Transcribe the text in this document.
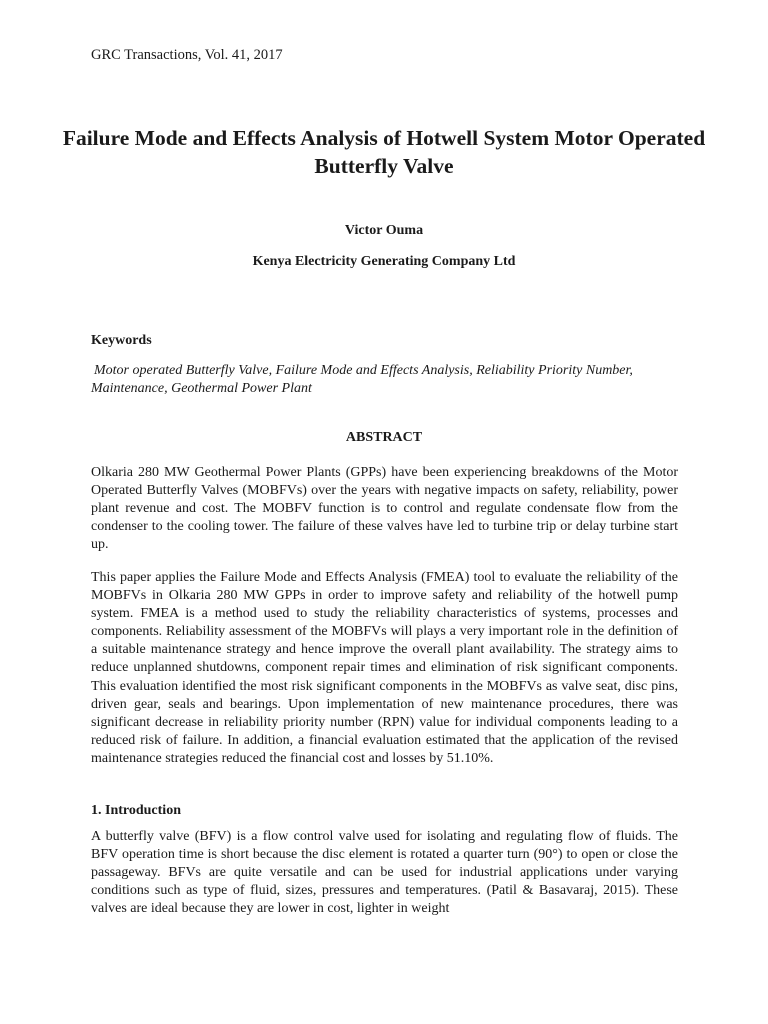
GRC Transactions, Vol. 41, 2017
Failure Mode and Effects Analysis of Hotwell System Motor Operated Butterfly Valve
Victor Ouma
Kenya Electricity Generating Company Ltd
Keywords
Motor operated Butterfly Valve, Failure Mode and Effects Analysis, Reliability Priority Number, Maintenance, Geothermal Power Plant
ABSTRACT
Olkaria 280 MW Geothermal Power Plants (GPPs) have been experiencing breakdowns of the Motor Operated Butterfly Valves (MOBFVs) over the years with negative impacts on safety, reliability, power plant revenue and cost. The MOBFV function is to control and regulate condensate flow from the condenser to the cooling tower. The failure of these valves have led to turbine trip or delay turbine start up.
This paper applies the Failure Mode and Effects Analysis (FMEA) tool to evaluate the reliability of the MOBFVs in Olkaria 280 MW GPPs in order to improve safety and reliability of the hotwell pump system. FMEA is a method used to study the reliability characteristics of systems, processes and components. Reliability assessment of the MOBFVs will plays a very important role in the definition of a suitable maintenance strategy and hence improve the overall plant availability. The strategy aims to reduce unplanned shutdowns, component repair times and elimination of risk significant components. This evaluation identified the most risk significant components in the MOBFVs as valve seat, disc pins, driven gear, seals and bearings. Upon implementation of new maintenance procedures, there was significant decrease in reliability priority number (RPN) value for individual components leading to a reduced risk of failure. In addition, a financial evaluation estimated that the application of the revised maintenance strategies reduced the financial cost and losses by 51.10%.
1. Introduction
A butterfly valve (BFV) is a flow control valve used for isolating and regulating flow of fluids. The BFV operation time is short because the disc element is rotated a quarter turn (90°) to open or close the passageway. BFVs are quite versatile and can be used for industrial applications under varying conditions such as type of fluid, sizes, pressures and temperatures. (Patil & Basavaraj, 2015). These valves are ideal because they are lower in cost, lighter in weight
